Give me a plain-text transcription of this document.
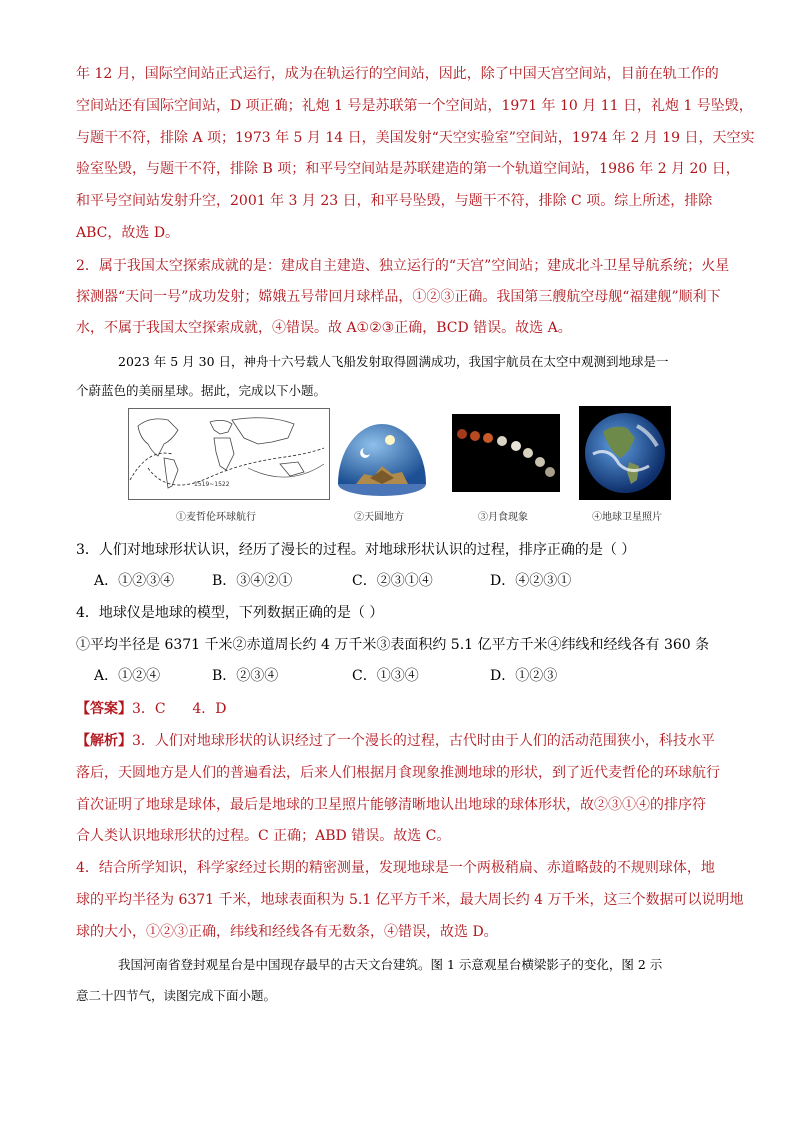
年 12 月，国际空间站正式运行，成为在轨运行的空间站，因此，除了中国天宫空间站，目前在轨工作的
空间站还有国际空间站，D 项正确；礼炮 1 号是苏联第一个空间站，1971 年 10 月 11 日，礼炮 1 号坠毁，
与题干不符，排除 A 项；1973 年 5 月 14 日，美国发射“天空实验室”空间站，1974 年 2 月 19 日，天空实
验室坠毁，与题干不符，排除 B 项；和平号空间站是苏联建造的第一个轨道空间站，1986 年 2 月 20 日，
和平号空间站发射升空，2001 年 3 月 23 日，和平号坠毁，与题干不符，排除 C 项。综上所述，排除
ABC，故选 D。
2．属于我国太空探索成就的是：建成自主建造、独立运行的“天宫”空间站；建成北斗卫星导航系统；火星
探测器“天问一号”成功发射；嫦娥五号带回月球样品，①②③正确。我国第三艘航空母舰“福建舰”顺利下
水，不属于我国太空探索成就，④错误。故 A①②③正确，BCD 错误。故选 A。
2023 年 5 月 30 日，神舟十六号载人飞船发射取得圆满成功，我国宇航员在太空中观测到地球是一
个蔚蓝色的美丽星球。据此，完成以下小题。
1519~1522
①麦哲伦环球航行	②天圆地方	③月食现象	④地球卫星照片
3．人们对地球形状认识，经历了漫长的过程。对地球形状认识的过程，排序正确的是（ ）
A．①②③④	B．③④②①	C．②③①④	D．④②③①
4．地球仪是地球的模型，下列数据正确的是（ ）
①平均半径是 6371 千米②赤道周长约 4 万千米③表面积约 5.1 亿平方千米④纬线和经线各有 360 条
A．①②④	B．②③④	C．①③④	D．①②③
【答案】3．C      4．D
【解析】3．人们对地球形状的认识经过了一个漫长的过程，古代时由于人们的活动范围狭小，科技水平
落后，天圆地方是人们的普遍看法，后来人们根据月食现象推测地球的形状，到了近代麦哲伦的环球航行
首次证明了地球是球体，最后是地球的卫星照片能够清晰地认出地球的球体形状，故②③①④的排序符
合人类认识地球形状的过程。C 正确；ABD 错误。故选 C。
4．结合所学知识，科学家经过长期的精密测量，发现地球是一个两极稍扁、赤道略鼓的不规则球体，地
球的平均半径为 6371 千米，地球表面积为 5.1 亿平方千米，最大周长约 4 万千米，这三个数据可以说明地
球的大小，①②③正确，纬线和经线各有无数条，④错误，故选 D。
我国河南省登封观星台是中国现存最早的古天文台建筑。图 1 示意观星台横梁影子的变化，图 2 示
意二十四节气，读图完成下面小题。
